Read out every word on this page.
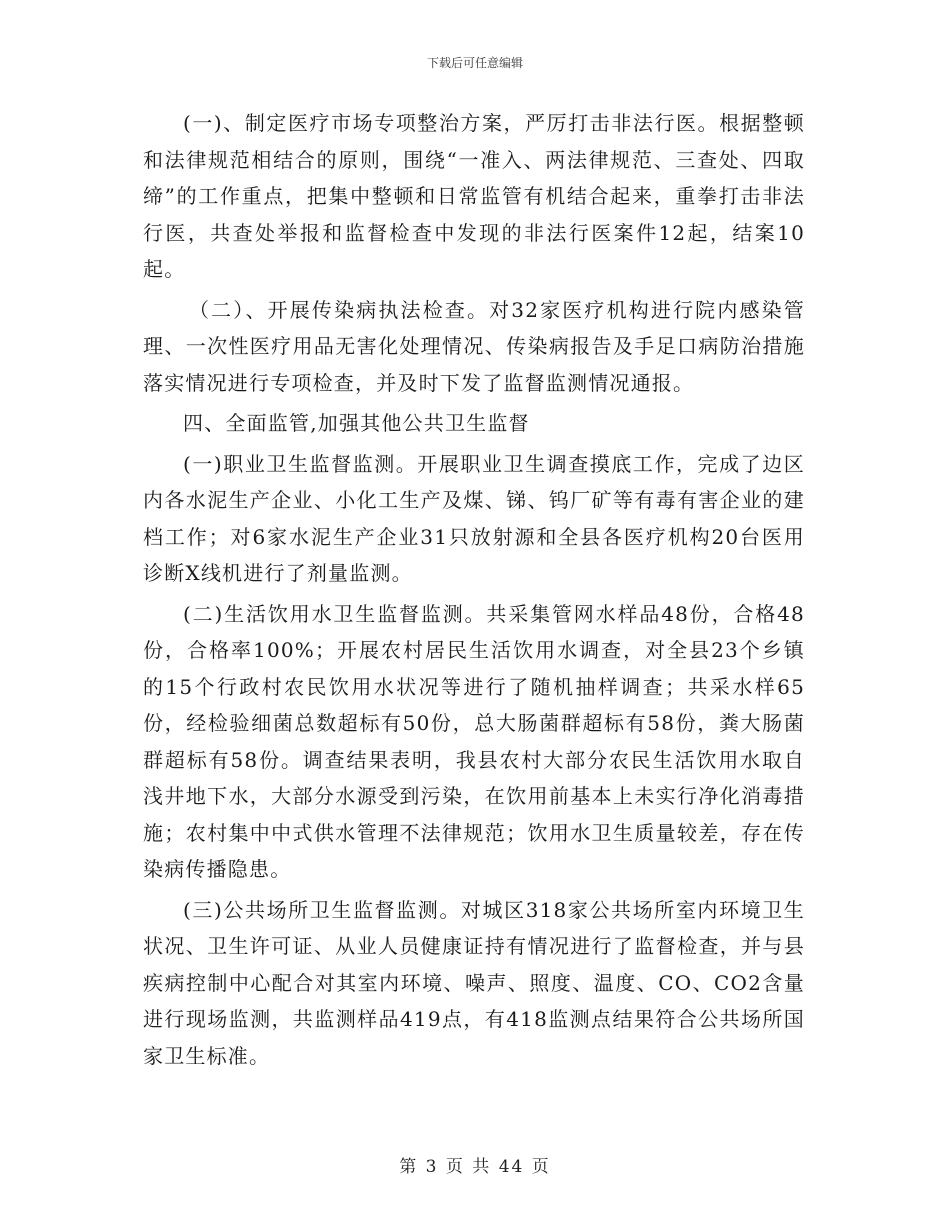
下载后可任意编辑

(一)、制定医疗市场专项整治方案，严厉打击非法行医。根据整顿和法律规范相结合的原则，围绕“一准入、两法律规范、三查处、四取缔”的工作重点，把集中整顿和日常监管有机结合起来，重拳打击非法行医，共查处举报和监督检查中发现的非法行医案件12起，结案10起。

（二）、开展传染病执法检查。对32家医疗机构进行院内感染管理、一次性医疗用品无害化处理情况、传染病报告及手足口病防治措施落实情况进行专项检查，并及时下发了监督监测情况通报。

四、全面监管,加强其他公共卫生监督

(一)职业卫生监督监测。开展职业卫生调查摸底工作，完成了边区内各水泥生产企业、小化工生产及煤、锑、钨厂矿等有毒有害企业的建档工作；对6家水泥生产企业31只放射源和全县各医疗机构20台医用诊断X线机进行了剂量监测。

(二)生活饮用水卫生监督监测。共采集管网水样品48份，合格48份，合格率100%；开展农村居民生活饮用水调查，对全县23个乡镇的15个行政村农民饮用水状况等进行了随机抽样调查；共采水样65份，经检验细菌总数超标有50份，总大肠菌群超标有58份，粪大肠菌群超标有58份。调查结果表明，我县农村大部分农民生活饮用水取自浅井地下水，大部分水源受到污染，在饮用前基本上未实行净化消毒措施；农村集中中式供水管理不法律规范；饮用水卫生质量较差，存在传染病传播隐患。

(三)公共场所卫生监督监测。对城区318家公共场所室内环境卫生状况、卫生许可证、从业人员健康证持有情况进行了监督检查，并与县疾病控制中心配合对其室内环境、噪声、照度、温度、CO、CO2含量进行现场监测，共监测样品419点，有418监测点结果符合公共场所国家卫生标准。

第 3 页 共 44 页
